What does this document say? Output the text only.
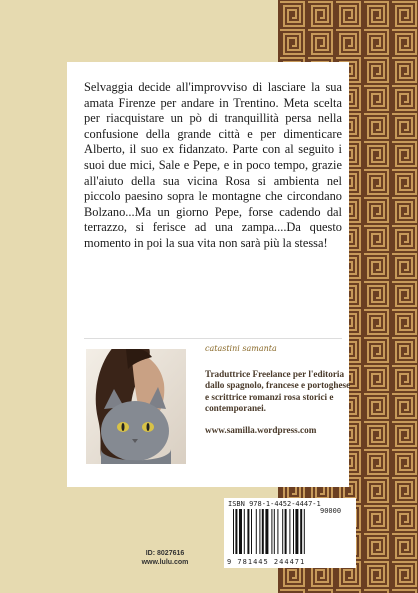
Selvaggia decide all'improvviso di lasciare la sua amata Firenze per andare in Trentino. Meta scelta per riacquistare un pò di tranquillità persa nella confusione della grande città e per dimenticare Alberto, il suo ex fidanzato. Parte con al seguito i suoi due mici, Sale e Pepe, e in poco tempo, grazie all'aiuto della sua vicina Rosa si ambienta nel piccolo paesino sopra le montagne che circondano Bolzano...Ma un giorno Pepe, forse cadendo dal terrazzo, si ferisce ad una zampa....Da questo momento in poi la sua vita non sarà più la stessa!

catastini samanta

Traduttrice Freelance per l'editoria dallo spagnolo, francese e portoghese e scrittrice romanzi rosa storici e contemporanei.

www.samilla.wordpress.com

ISBN 978-1-4452-4447-1

90000

9 781445 244471

ID: 8027616

www.lulu.com
